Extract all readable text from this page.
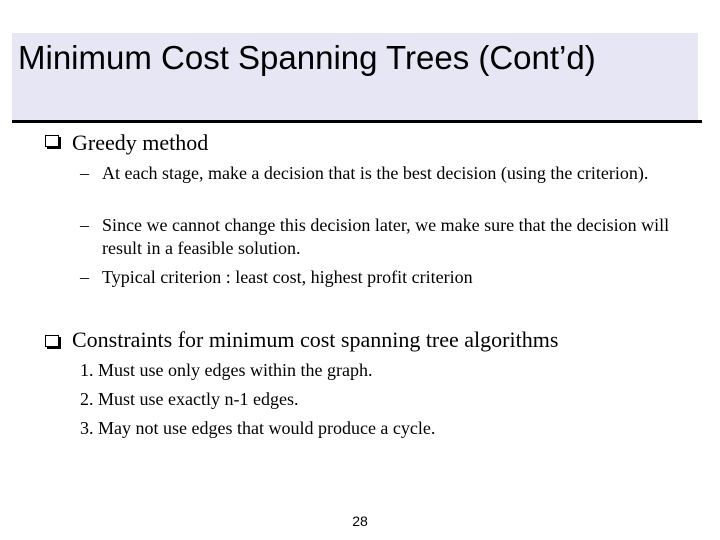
Minimum Cost Spanning Trees (Cont’d)
Greedy method
– At each stage, make a decision that is the best decision (using the criterion).
– Since we cannot change this decision later, we make sure that the decision will result in a feasible solution.
– Typical criterion : least cost, highest profit criterion
Constraints for minimum cost spanning tree algorithms
1. Must use only edges within the graph.
2. Must use exactly n-1 edges.
3. May not use edges that would produce a cycle.
28
